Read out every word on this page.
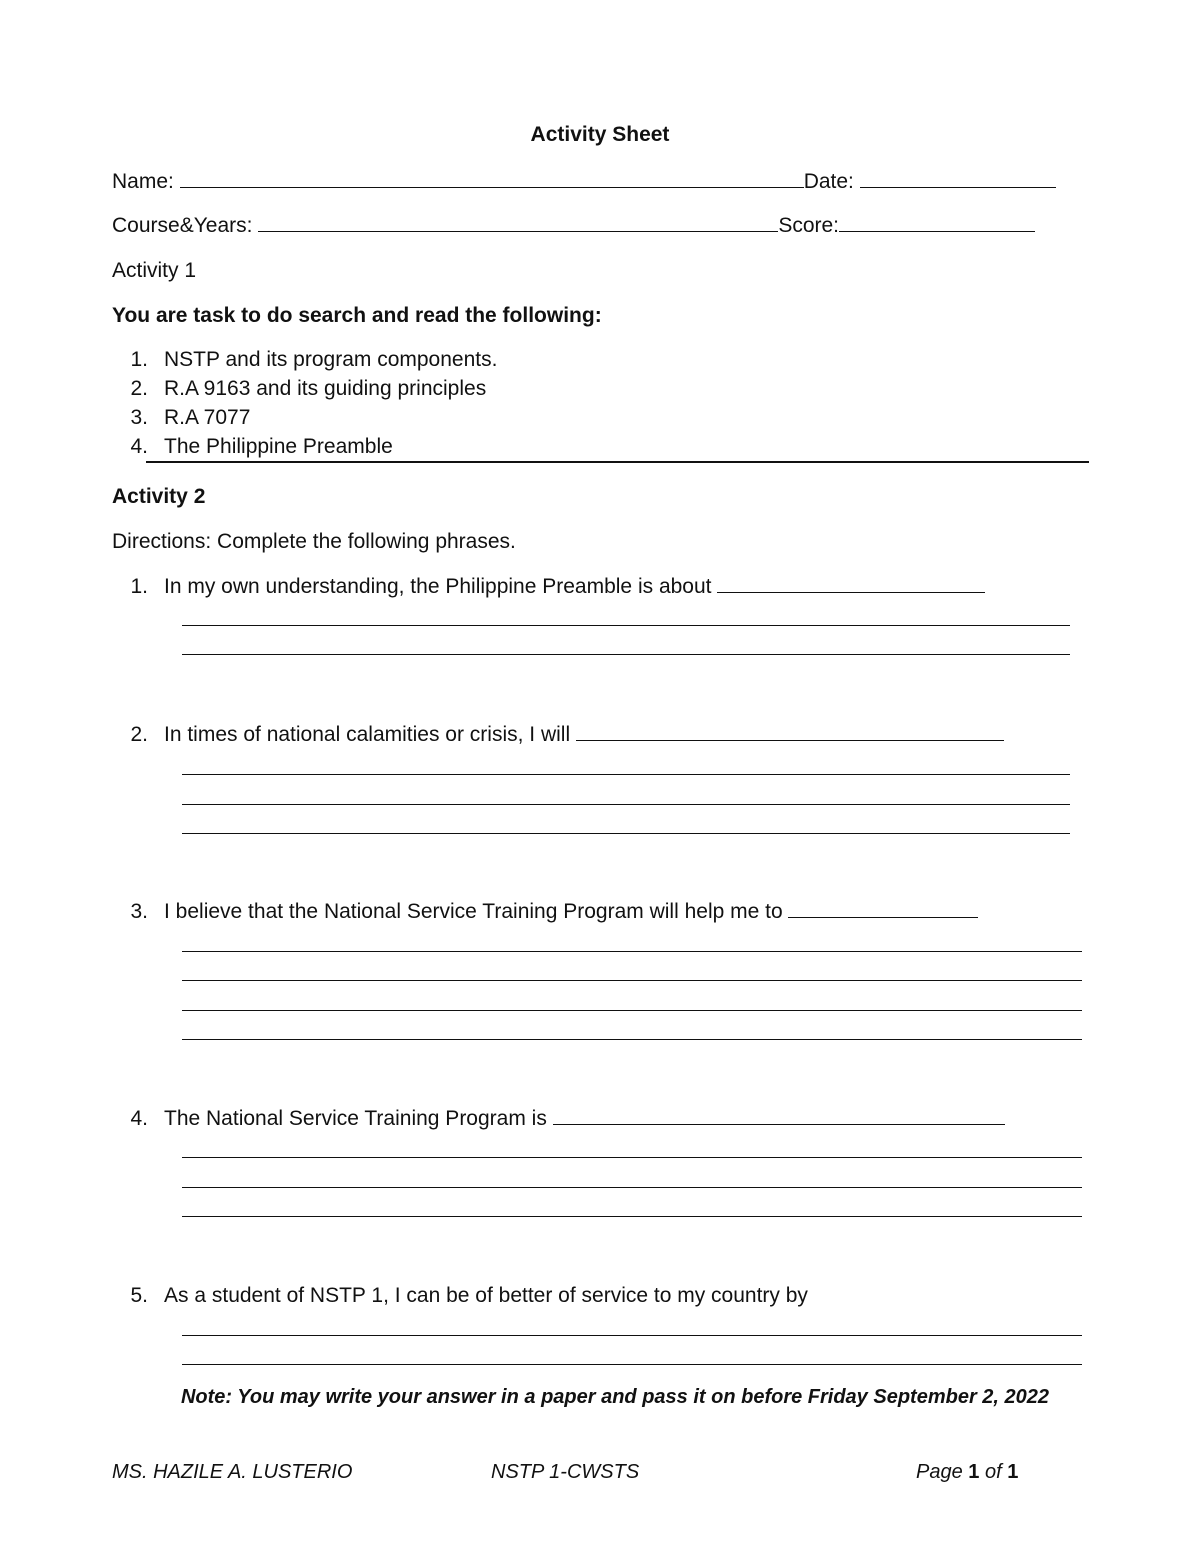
Activity Sheet
Name:	Date:
Course&Years:	Score:
Activity 1
You are task to do search and read the following:
1. NSTP and its program components.
2. R.A 9163 and its guiding principles
3. R.A 7077
4. The Philippine Preamble
Activity 2
Directions: Complete the following phrases.
1. In my own understanding, the Philippine Preamble is about
2. In times of national calamities or crisis, I will
3. I believe that the National Service Training Program will help me to
4. The National Service Training Program is
5. As a student of NSTP 1, I can be of better of service to my country by
Note: You may write your answer in a paper and pass it on before Friday September 2, 2022
MS. HAZILE A. LUSTERIO	NSTP 1-CWSTS	Page 1 of 1
